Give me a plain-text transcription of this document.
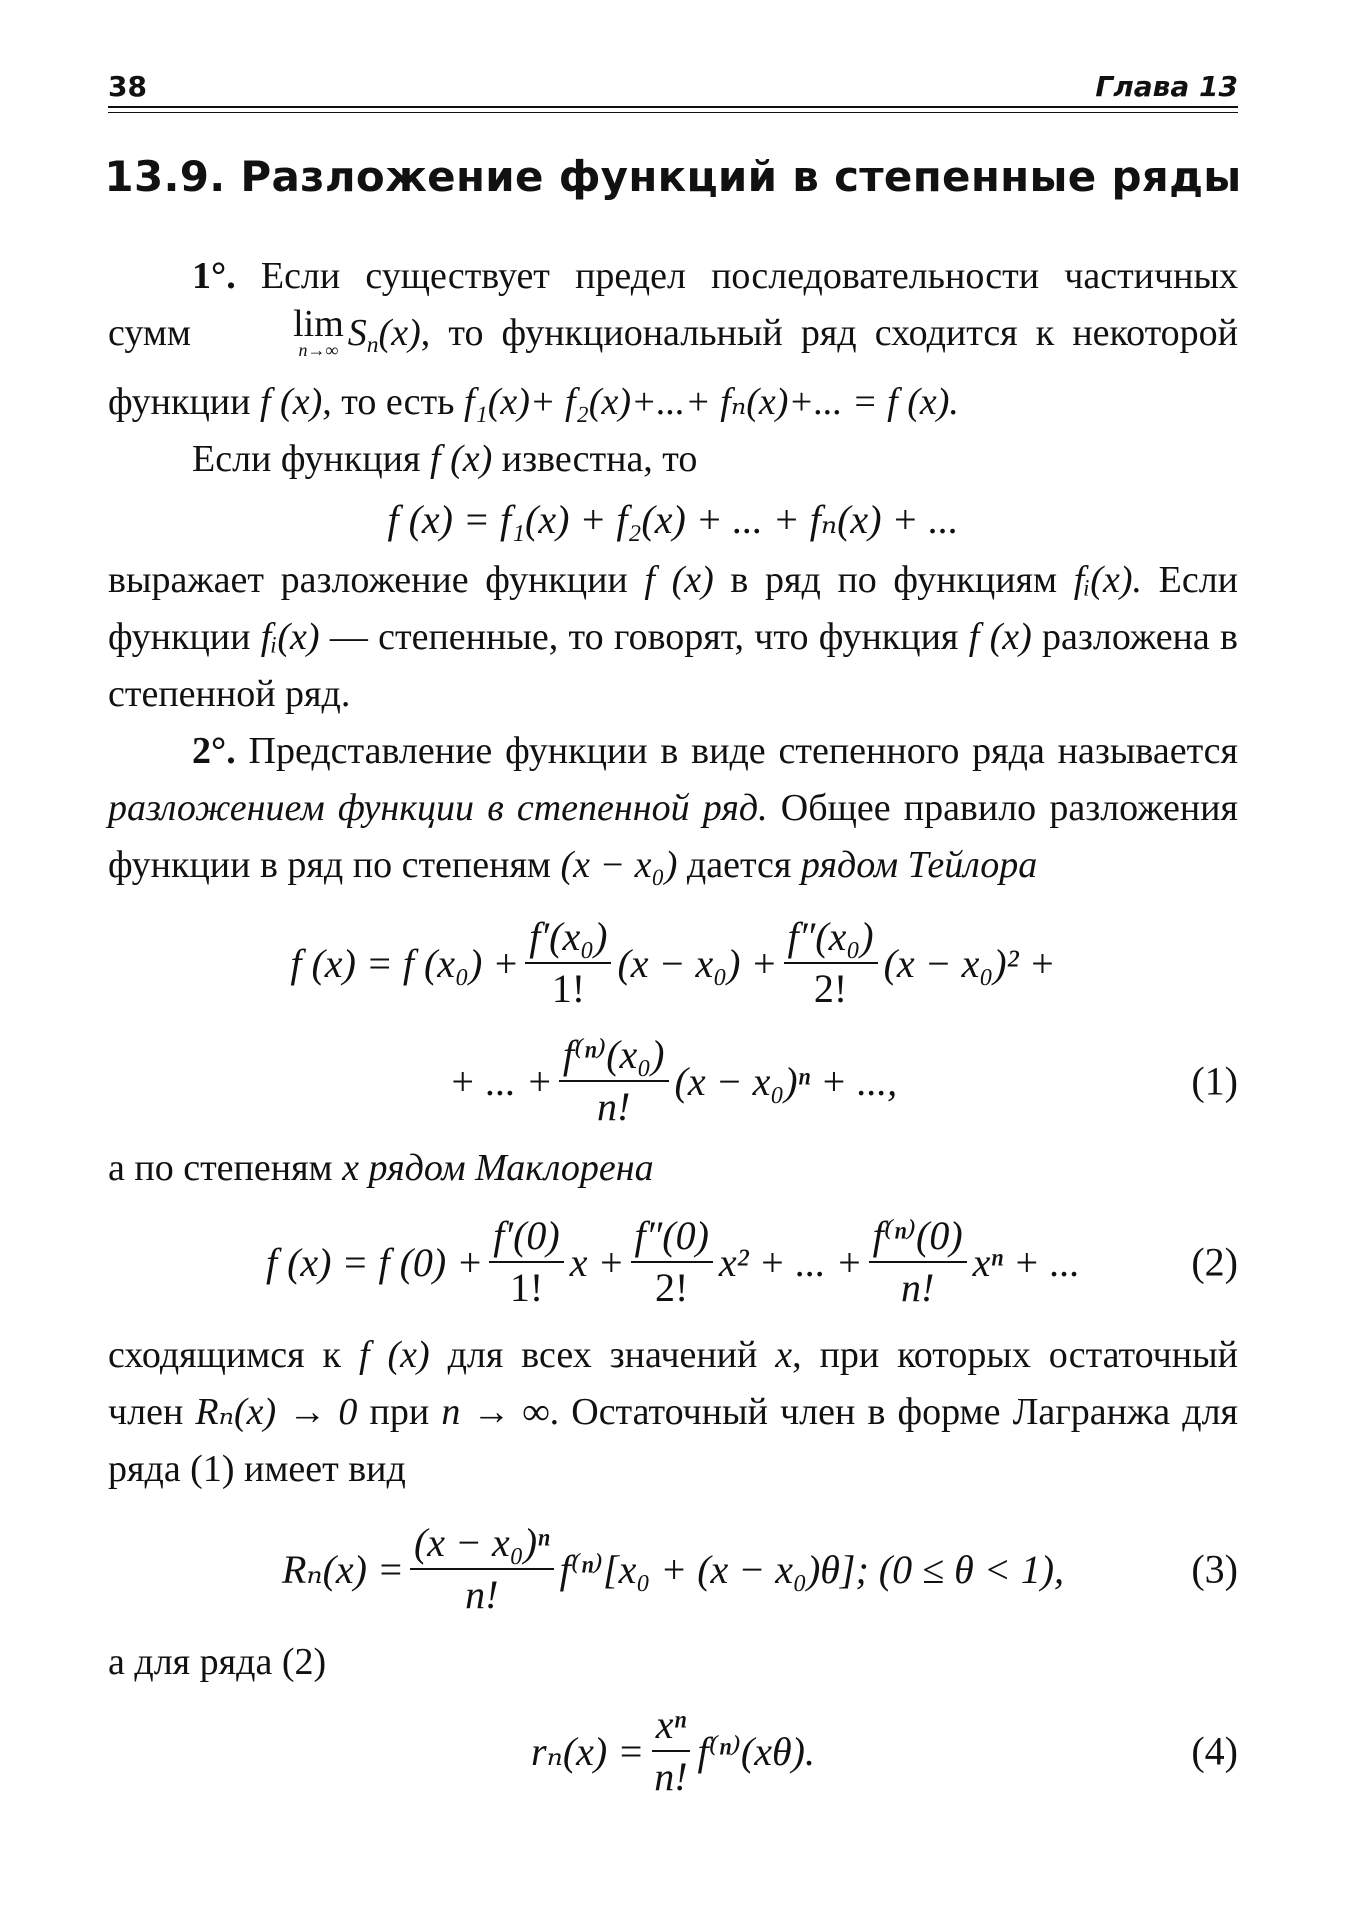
38	Глава 13
13.9. Разложение функций в степенные ряды

1°. Если существует предел последовательности частичных сумм	lim
n→∞ $S_n(x)$, то функциональный ряд сходится к некоторой функции f (x), то есть f₁(x)+ f₂(x)+...+ fₙ(x)+... = f (x).

Если функция f (x) известна, то

f (x) = f₁(x) + f₂(x) + ... + fₙ(x) + ...

выражает разложение функции f (x) в ряд по функциям fᵢ(x). Если функции fᵢ(x) — степенные, то говорят, что функция f (x) разложена в степенной ряд.

2°. Представление функции в виде степенного ряда называется разложением функции в степенной ряд. Общее правило разложения функции в ряд по степеням (x − x₀) дается рядом Тейлора

f (x) = f $(x_0) + \frac{\text{f′(x₀)}}{1!} (x - x_0) + \frac{\text{f″(x₀)}}{2!} (x - x_0)^2$ +
+ ... + $\frac{\text{f⁽ⁿ⁾(x₀)}}{n!} (x - x_0)^n$ + ...,	(1)

а по степеням x рядом Маклорена

f (x) = f $(0) + \frac{f'(0)}{1!}$ $x + \frac{f''(0)}{2!} x^2$ + ... + $\frac{\text{f⁽ⁿ⁾(0)}}{n!}$ xⁿ + ...	(2)

сходящимся к f (x) для всех значений x, при которых остаточный член Rₙ(x) → 0 при n → ∞. Остаточный член в форме Лагранжа для ряда (1) имеет вид

$R_n(x) = \frac{\text{(x − x₀)ⁿ}}{n!} f^{(n)}[x_0 + (x - x_0)\theta]$; (0 ≤ θ < 1),	(3)

а для ряда (2)

$r_n(x) = \frac{\text{xⁿ}}{n!} f^{(n)}(x\theta)$.	(4)
